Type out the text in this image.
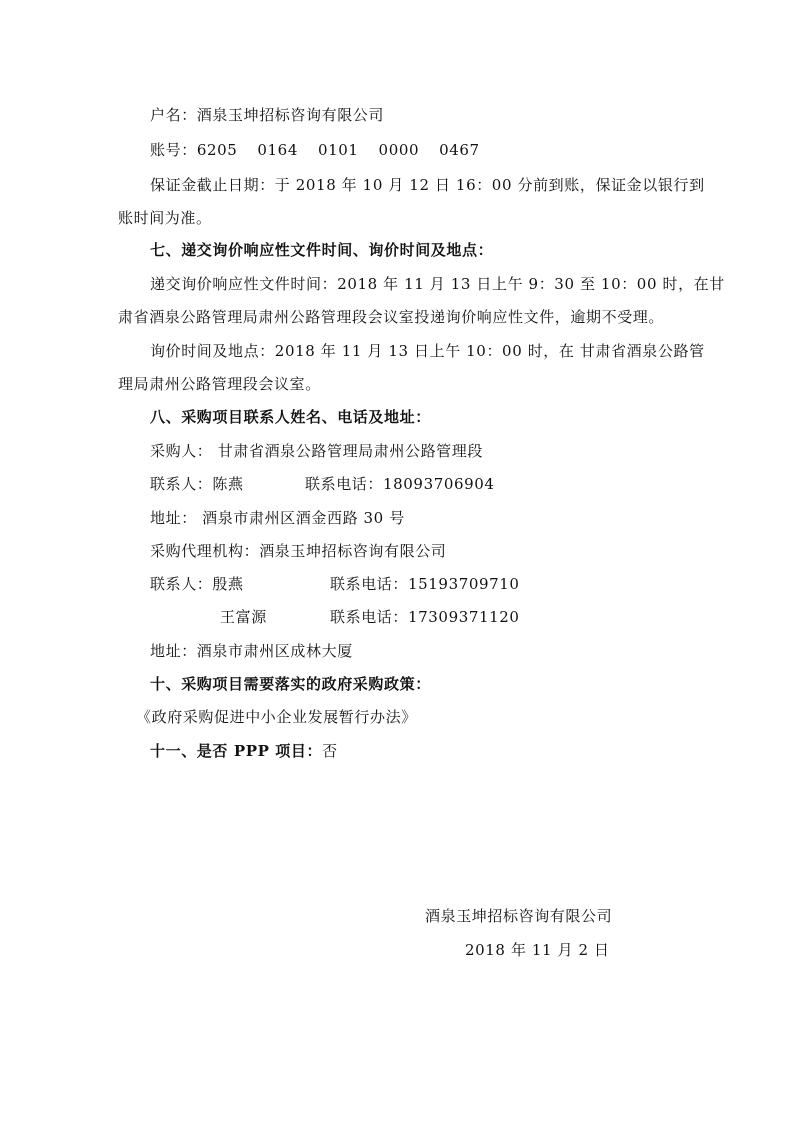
户名：酒泉玉坤招标咨询有限公司
账号：6205 0164 0101 0000 0467
保证金截止日期：于 2018 年 10 月 12 日 16：00 分前到账，保证金以银行到
账时间为准。
七、递交询价响应性文件时间、询价时间及地点：
递交询价响应性文件时间：2018 年 11 月 13 日上午 9：30 至 10：00 时，在甘
肃省酒泉公路管理局肃州公路管理段会议室投递询价响应性文件，逾期不受理。
询价时间及地点：2018 年 11 月 13 日上午 10：00 时，在 甘肃省酒泉公路管
理局肃州公路管理段会议室。
八、采购项目联系人姓名、电话及地址：
采购人： 甘肃省酒泉公路管理局肃州公路管理段
联系人：陈燕	联系电话：18093706904
地址： 酒泉市肃州区酒金西路 30 号
采购代理机构：酒泉玉坤招标咨询有限公司
联系人：殷燕	联系电话：15193709710
王富源	联系电话：17309371120
地址：酒泉市肃州区成林大厦
十、采购项目需要落实的政府采购政策：
《政府采购促进中小企业发展暂行办法》
十一、是否 PPP 项目：否
酒泉玉坤招标咨询有限公司
2018 年 11 月 2 日
